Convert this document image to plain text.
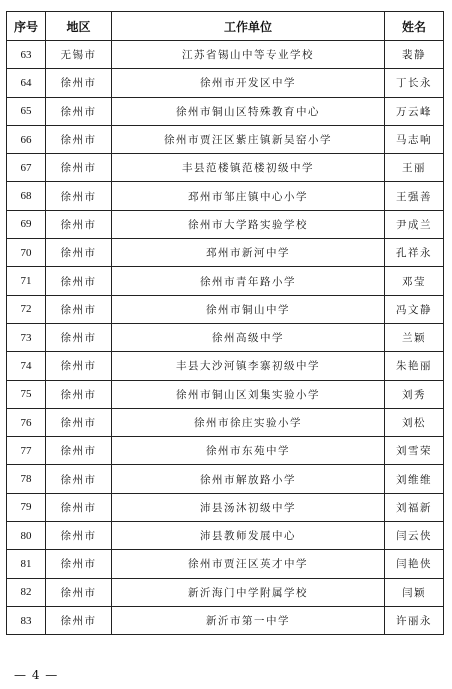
序号	地区	工作单位	姓名
63	无锡市	江苏省锡山中等专业学校	裴静
64	徐州市	徐州市开发区中学	丁长永
65	徐州市	徐州市铜山区特殊教育中心	万云峰
66	徐州市	徐州市贾汪区紫庄镇新吴窑小学	马志响
67	徐州市	丰县范楼镇范楼初级中学	王丽
68	徐州市	邳州市邹庄镇中心小学	王强善
69	徐州市	徐州市大学路实验学校	尹成兰
70	徐州市	邳州市新河中学	孔祥永
71	徐州市	徐州市青年路小学	邓莹
72	徐州市	徐州市铜山中学	冯文静
73	徐州市	徐州高级中学	兰颖
74	徐州市	丰县大沙河镇李寨初级中学	朱艳丽
75	徐州市	徐州市铜山区刘集实验小学	刘秀
76	徐州市	徐州市徐庄实验小学	刘松
77	徐州市	徐州市东苑中学	刘雪荣
78	徐州市	徐州市解放路小学	刘维维
79	徐州市	沛县汤沐初级中学	刘福新
80	徐州市	沛县教师发展中心	闫云侠
81	徐州市	徐州市贾汪区英才中学	闫艳侠
82	徐州市	新沂海门中学附属学校	闫颖
83	徐州市	新沂市第一中学	许丽永
— 4 —
